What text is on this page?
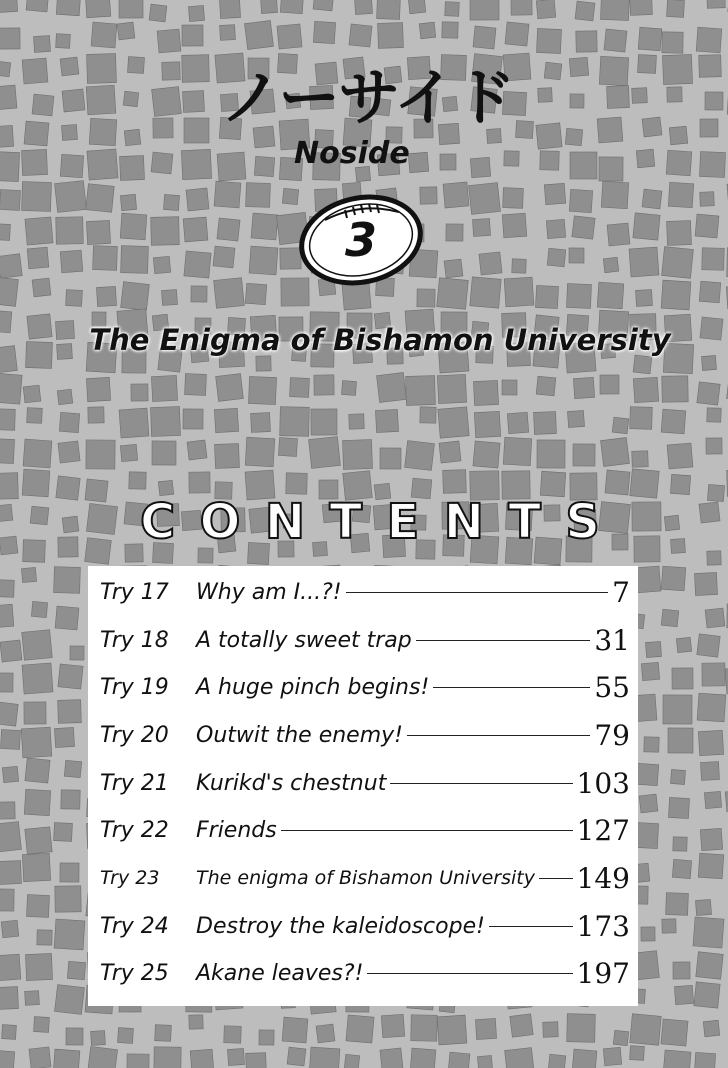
ノーサイド
Noside
3
The Enigma of Bishamon University
C O N T E N T S
Try 17	Why am I...?!	7
Try 18	A totally sweet trap	31
Try 19	A huge pinch begins!	55
Try 20	Outwit the enemy!	79
Try 21	Kurikd's chestnut	103
Try 22	Friends	127
Try 23	The enigma of Bishamon University 149
Try 24	Destroy the kaleidoscope!	173
Try 25	Akane leaves?!	197
